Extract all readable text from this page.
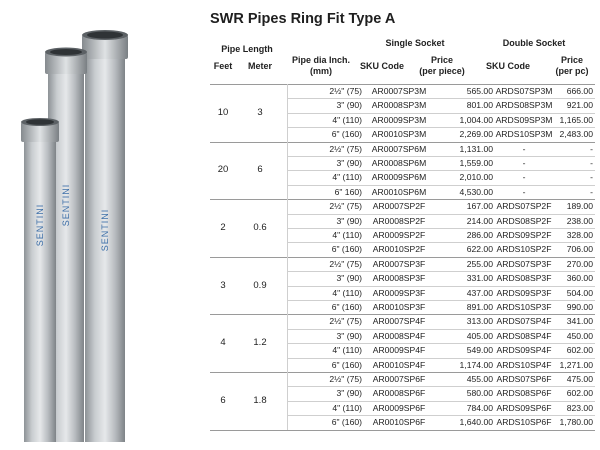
SENTINI SENTINI
SENTINI
SWR Pipes Ring Fit Type A
Pipe Length
Feet	Meter
Pipe dia Inch.
(mm)
Single Socket	Double Socket
SKU Code
Price
(per piece)	SKU Code
Price
(per pc)
10	3
2½" (75)	AR0007SP3M	565.00 ARDS07SP3M	666.00
3" (90)	AR0008SP3M	801.00 ARDS08SP3M	921.00
4" (110)	AR0009SP3M	1,004.00 ARDS09SP3M 1,165.00
6" (160)	AR0010SP3M	2,269.00 ARDS10SP3M 2,483.00
20	6
2½" (75)	AR0007SP6M	1,131.00	-	-
3" (90)	AR0008SP6M	1,559.00	-	-
4" (110)	AR0009SP6M	2,010.00	-	-
6" 160)	AR0010SP6M	4,530.00	-	-
2	0.6
2½" (75)	AR0007SP2F	167.00 ARDS07SP2F	189.00
3" (90)	AR0008SP2F	214.00 ARDS08SP2F	238.00
4" (110)	AR0009SP2F	286.00 ARDS09SP2F	328.00
6" (160)	AR0010SP2F	622.00 ARDS10SP2F	706.00
3	0.9
2½" (75)	AR0007SP3F	255.00 ARDS07SP3F	270.00
3" (90)	AR0008SP3F	331.00 ARDS08SP3F	360.00
4" (110)	AR0009SP3F	437.00 ARDS09SP3F	504.00
6" (160)	AR0010SP3F	891.00 ARDS10SP3F	990.00
4	1.2
2½" (75)	AR0007SP4F	313.00 ARDS07SP4F	341.00
3" (90)	AR0008SP4F	405.00 ARDS08SP4F	450.00
4" (110)	AR0009SP4F	549.00 ARDS09SP4F	602.00
6" (160)	AR0010SP4F	1,174.00 ARDS10SP4F 1,271.00
6	1.8
2½" (75)	AR0007SP6F	455.00 ARDS07SP6F	475.00
3" (90)	AR0008SP6F	580.00 ARDS08SP6F	602.00
4" (110)	AR0009SP6F	784.00 ARDS09SP6F	823.00
6" (160)	AR0010SP6F	1,640.00 ARDS10SP6F 1,780.00
